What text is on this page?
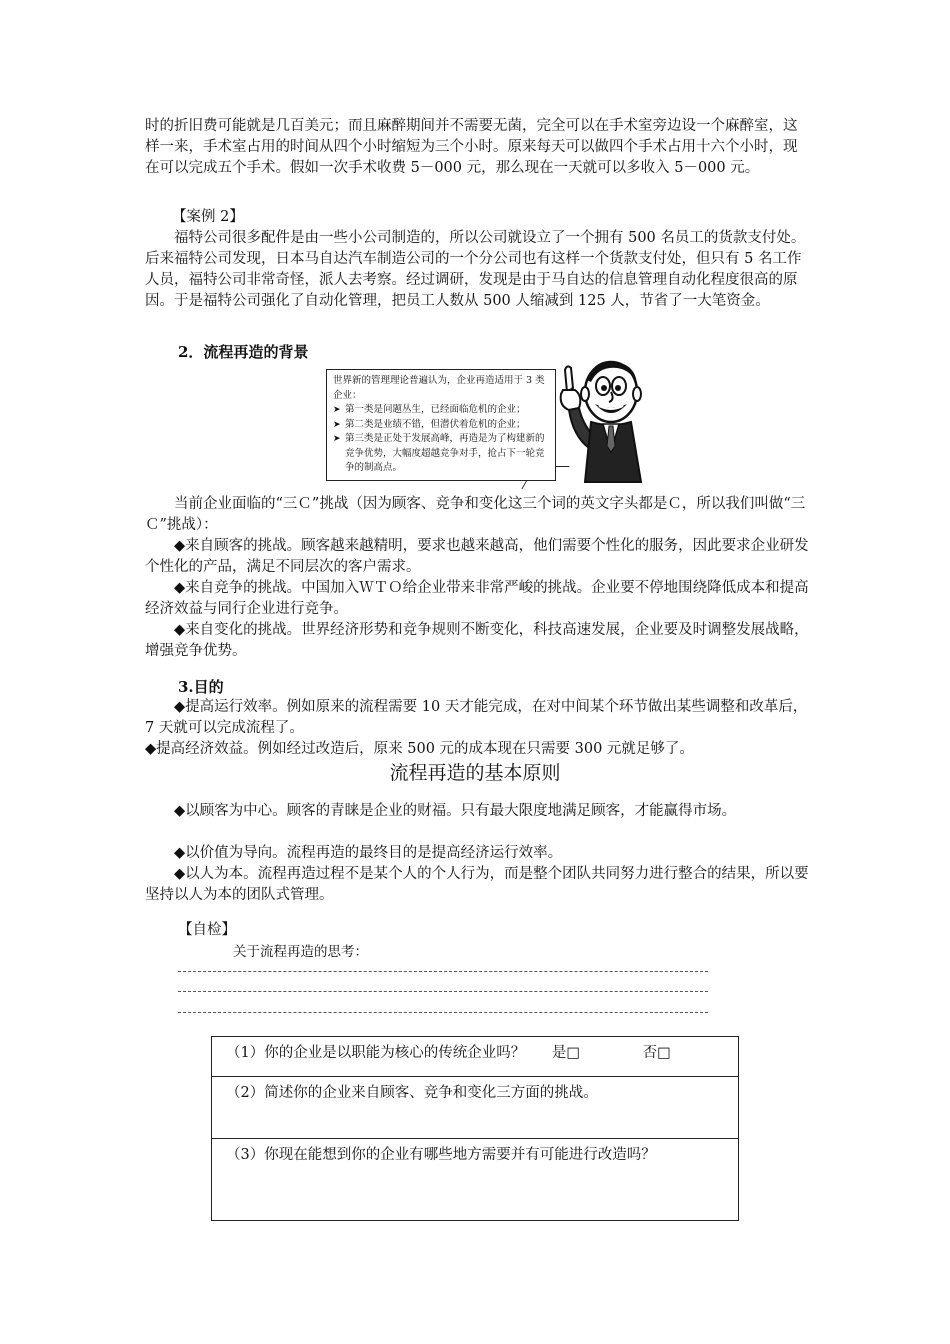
时的折旧费可能就是几百美元；而且麻醉期间并不需要无菌，完全可以在手术室旁边设一个麻醉室，这样一来，手术室占用的时间从四个小时缩短为三个小时。原来每天可以做四个手术占用十六个小时，现在可以完成五个手术。假如一次手术收费 5－000 元，那么现在一天就可以多收入 5－000 元。

【案例 2】

福特公司很多配件是由一些小公司制造的，所以公司就设立了一个拥有 500 名员工的货款支付处。后来福特公司发现，日本马自达汽车制造公司的一个分公司也有这样一个货款支付处，但只有 5 名工作人员，福特公司非常奇怪，派人去考察。经过调研，发现是由于马自达的信息管理自动化程度很高的原因。于是福特公司强化了自动化管理，把员工人数从 500 人缩减到 125 人，节省了一大笔资金。

2．流程再造的背景
世界新的管理理论普遍认为，企业再造适用于 3 类企业：
➤ 第一类是问题丛生，已经面临危机的企业；
➤ 第二类是业绩不错，但潜伏着危机的企业；
➤ 第三类是正处于发展高峰，再造是为了构建新的竞争优势，大幅度超越竞争对手，抢占下一轮竞争的制高点。

当前企业面临的“三Ｃ”挑战（因为顾客、竞争和变化这三个词的英文字头都是Ｃ，所以我们叫做“三Ｃ”挑战）：

◆来自顾客的挑战。顾客越来越精明，要求也越来越高，他们需要个性化的服务，因此要求企业研发个性化的产品，满足不同层次的客户需求。

◆来自竞争的挑战。中国加入ＷＴＯ给企业带来非常严峻的挑战。企业要不停地围绕降低成本和提高经济效益与同行企业进行竞争。

◆来自变化的挑战。世界经济形势和竞争规则不断变化，科技高速发展，企业要及时调整发展战略，增强竞争优势。

3.目的

◆提高运行效率。例如原来的流程需要 10 天才能完成，在对中间某个环节做出某些调整和改革后，7 天就可以完成流程了。

◆提高经济效益。例如经过改造后，原来 500 元的成本现在只需要 300 元就足够了。

流程再造的基本原则

◆以顾客为中心。顾客的青睐是企业的财福。只有最大限度地满足顾客，才能赢得市场。

◆以价值为导向。流程再造的最终目的是提高经济运行效率。

◆以人为本。流程再造过程不是某个人的个人行为，而是整个团队共同努力进行整合的结果，所以要坚持以人为本的团队式管理。

【自检】
关于流程再造的思考：
（1）你的企业是以职能为核心的传统企业吗？ 是□	否□
（2）简述你的企业来自顾客、竞争和变化三方面的挑战。
（3）你现在能想到你的企业有哪些地方需要并有可能进行改造吗？
